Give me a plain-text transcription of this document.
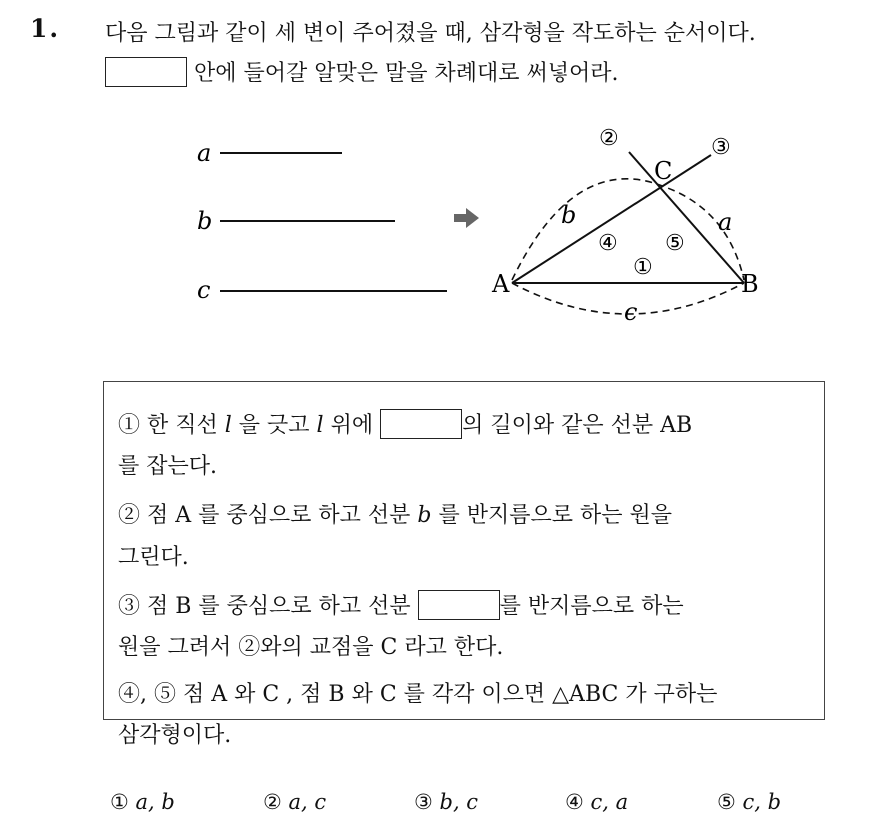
1. 다음 그림과 같이 세 변이 주어졌을 때, 삼각형을 작도하는 순서이다.
안에 들어갈 알맞은 말을 차례대로 써넣어라.
a
b
c
②	③
④ ⑤
①
C
A	B
b	a
c
① 한 직선 l 을 긋고 l 위에	의 길이와 같은 선분 AB
를 잡는다.
② 점 A 를 중심으로 하고 선분 b 를 반지름으로 하는 원을
그린다.
③ 점 B 를 중심으로 하고 선분	를 반지름으로 하는
원을 그려서 ②와의 교점을 C 라고 한다.
④, ⑤ 점 A 와 C , 점 B 와 C 를 각각 이으면 △ABC 가 구하는
삼각형이다.
① a, b	② a, c	③ b, c	④ c, a	⑤ c, b
